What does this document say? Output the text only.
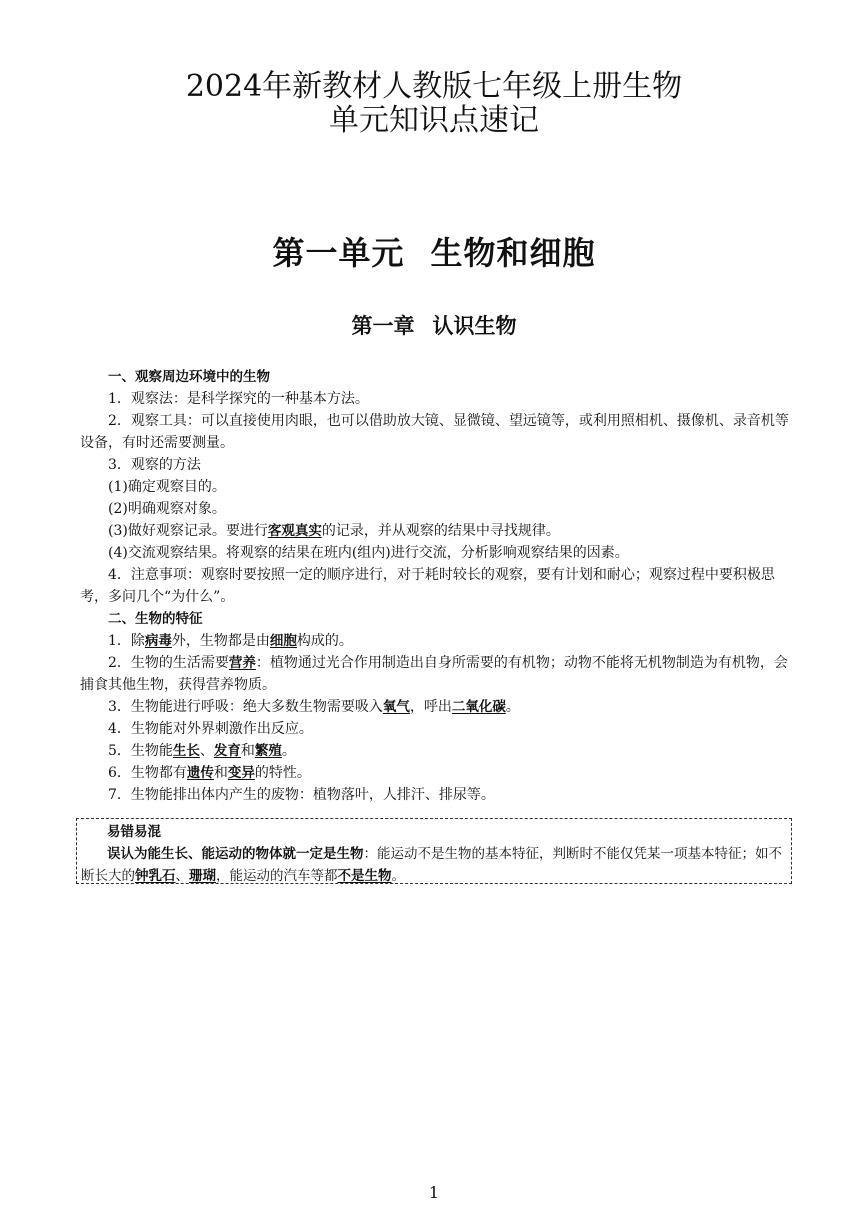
2024年新教材人教版七年级上册生物
单元知识点速记
第一单元 生物和细胞
第一章 认识生物

一、观察周边环境中的生物

1．观察法：是科学探究的一种基本方法。

2．观察工具：可以直接使用肉眼，也可以借助放大镜、显微镜、望远镜等，或利用照相机、摄像机、录音机等设备，有时还需要测量。

3．观察的方法

(1)确定观察目的。

(2)明确观察对象。

(3)做好观察记录。要进行客观真实的记录，并从观察的结果中寻找规律。

(4)交流观察结果。将观察的结果在班内(组内)进行交流，分析影响观察结果的因素。

4．注意事项：观察时要按照一定的顺序进行，对于耗时较长的观察，要有计划和耐心；观察过程中要积极思考，多问几个“为什么”。

二、生物的特征

1．除病毒外，生物都是由细胞构成的。

2．生物的生活需要营养：植物通过光合作用制造出自身所需要的有机物；动物不能将无机物制造为有机物，会捕食其他生物，获得营养物质。

3．生物能进行呼吸：绝大多数生物需要吸入氧气，呼出二氧化碳。

4．生物能对外界刺激作出反应。

5．生物能生长、发育和繁殖。

6．生物都有遗传和变异的特性。

7．生物能排出体内产生的废物：植物落叶，人排汗、排尿等。

易错易混

误认为能生长、能运动的物体就一定是生物：能运动不是生物的基本特征，判断时不能仅凭某一项基本特征；如不断长大的钟乳石、珊瑚，能运动的汽车等都不是生物。

1
